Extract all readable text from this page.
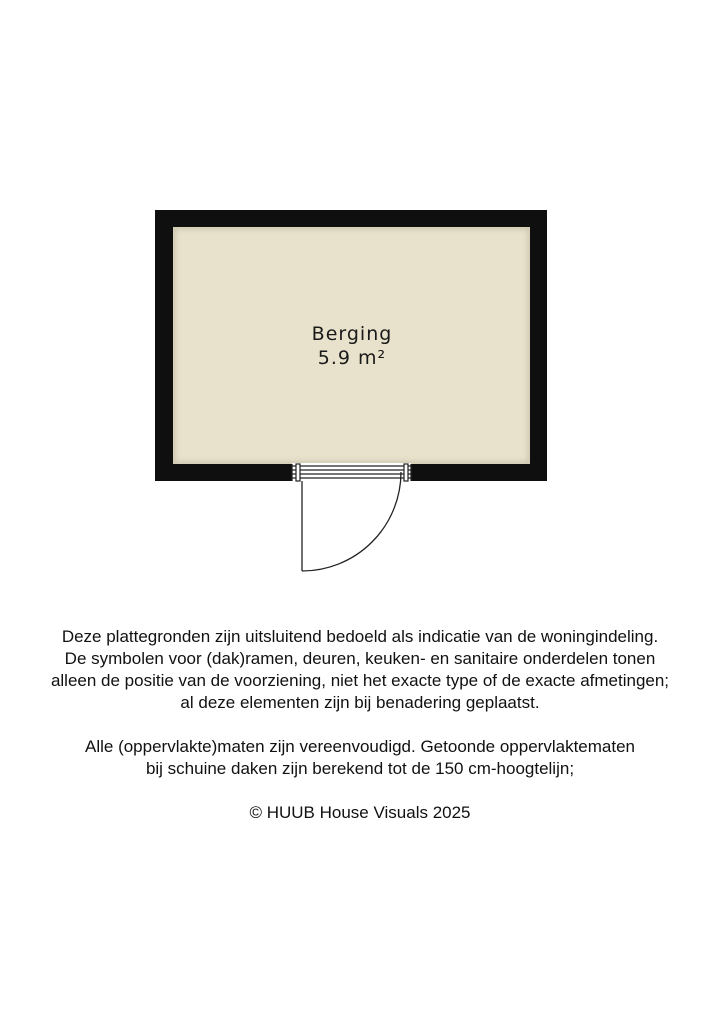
Berging
5.9 m²

Deze plattegronden zijn uitsluitend bedoeld als indicatie van de woningindeling.

De symbolen voor (dak)ramen, deuren, keuken- en sanitaire onderdelen tonen

alleen de positie van de voorziening, niet het exacte type of de exacte afmetingen;

al deze elementen zijn bij benadering geplaatst.

Alle (oppervlakte)maten zijn vereenvoudigd. Getoonde oppervlaktematen

bij schuine daken zijn berekend tot de 150 cm-hoogtelijn;

© HUUB House Visuals 2025
